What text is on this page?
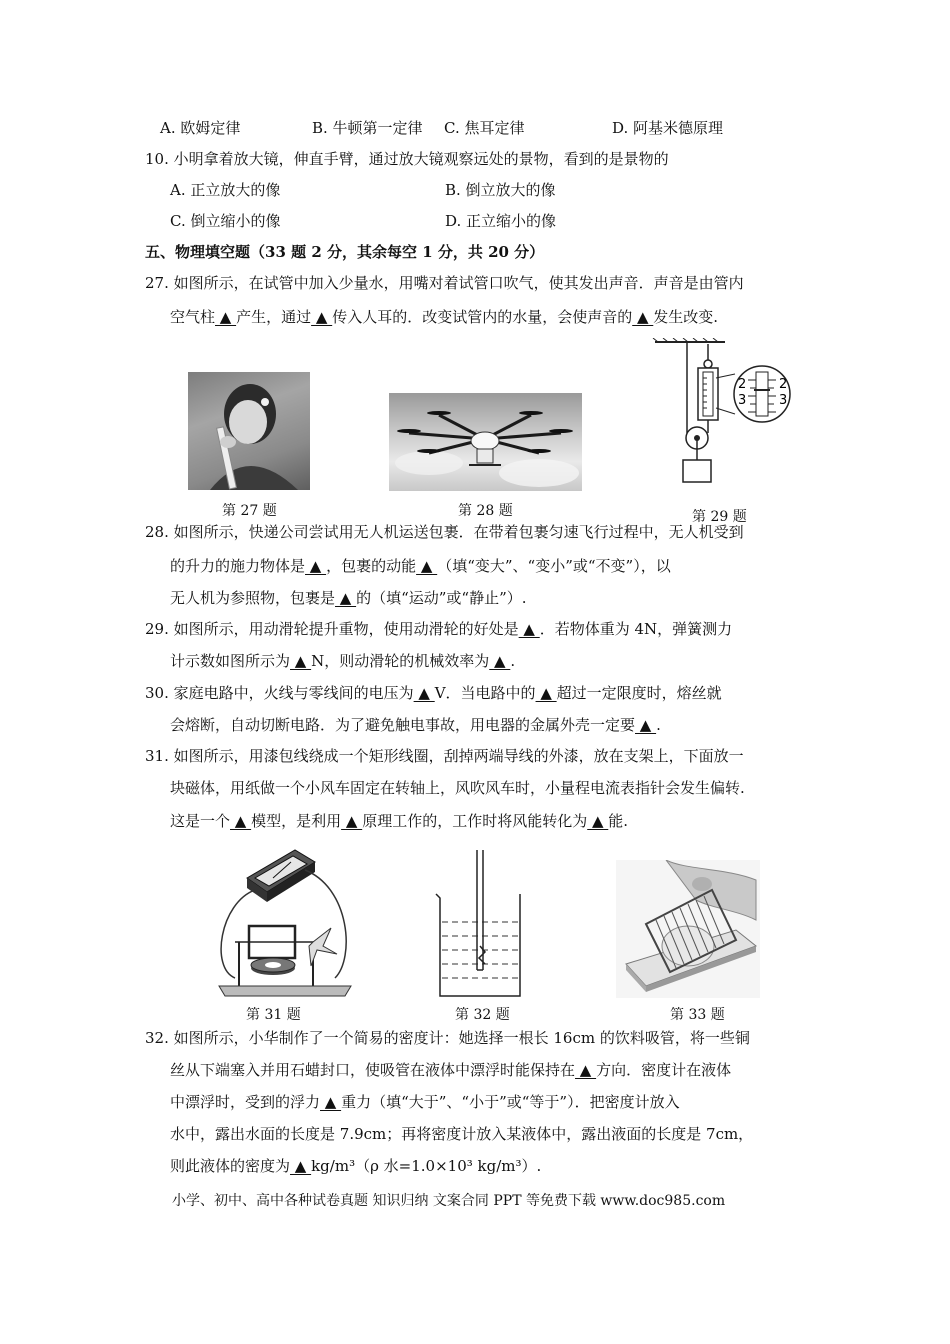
A. 欧姆定律	B. 牛顿第一定律 C. 焦耳定律	D. 阿基米德原理
10. 小明拿着放大镜，伸直手臂，通过放大镜观察远处的景物，看到的是景物的
A. 正立放大的像	B. 倒立放大的像
C. 倒立缩小的像	D. 正立缩小的像
五、物理填空题（33 题 2 分，其余每空 1 分，共 20 分）
27. 如图所示，在试管中加入少量水，用嘴对着试管口吹气，使其发出声音．声音是由管内
空气柱 ▲ 产生，通过 ▲ 传入人耳的．改变试管内的水量，会使声音的 ▲ 发生改变.
第 27 题	第 28 题
2
3
2
3
第 29 题
28. 如图所示，快递公司尝试用无人机运送包裹．在带着包裹匀速飞行过程中，无人机受到
的升力的施力物体是 ▲ ，包裹的动能 ▲ （填“变大”、“变小”或“不变”），以
无人机为参照物，包裹是 ▲ 的（填“运动”或“静止”）.
29. 如图所示，用动滑轮提升重物，使用动滑轮的好处是 ▲ ．若物体重为 4N，弹簧测力
计示数如图所示为 ▲ N，则动滑轮的机械效率为 ▲ .
30. 家庭电路中，火线与零线间的电压为 ▲ V．当电路中的 ▲ 超过一定限度时，熔丝就
会熔断，自动切断电路．为了避免触电事故，用电器的金属外壳一定要 ▲ .
31. 如图所示，用漆包线绕成一个矩形线圈，刮掉两端导线的外漆，放在支架上，下面放一
块磁体，用纸做一个小风车固定在转轴上，风吹风车时，小量程电流表指针会发生偏转.
这是一个 ▲ 模型，是利用 ▲ 原理工作的，工作时将风能转化为 ▲ 能.
第 31 题	第 32 题	第 33 题
32. 如图所示，小华制作了一个简易的密度计：她选择一根长 16cm 的饮料吸管，将一些铜
丝从下端塞入并用石蜡封口，使吸管在液体中漂浮时能保持在 ▲ 方向．密度计在液体
中漂浮时，受到的浮力 ▲ 重力（填“大于”、“小于”或“等于”）．把密度计放入
水中，露出水面的长度是 7.9cm；再将密度计放入某液体中，露出液面的长度是 7cm，
则此液体的密度为 ▲ kg/m³（ρ 水=1.0×10³ kg/m³）.
小学、初中、高中各种试卷真题 知识归纳 文案合同 PPT 等免费下载 www.doc985.com
